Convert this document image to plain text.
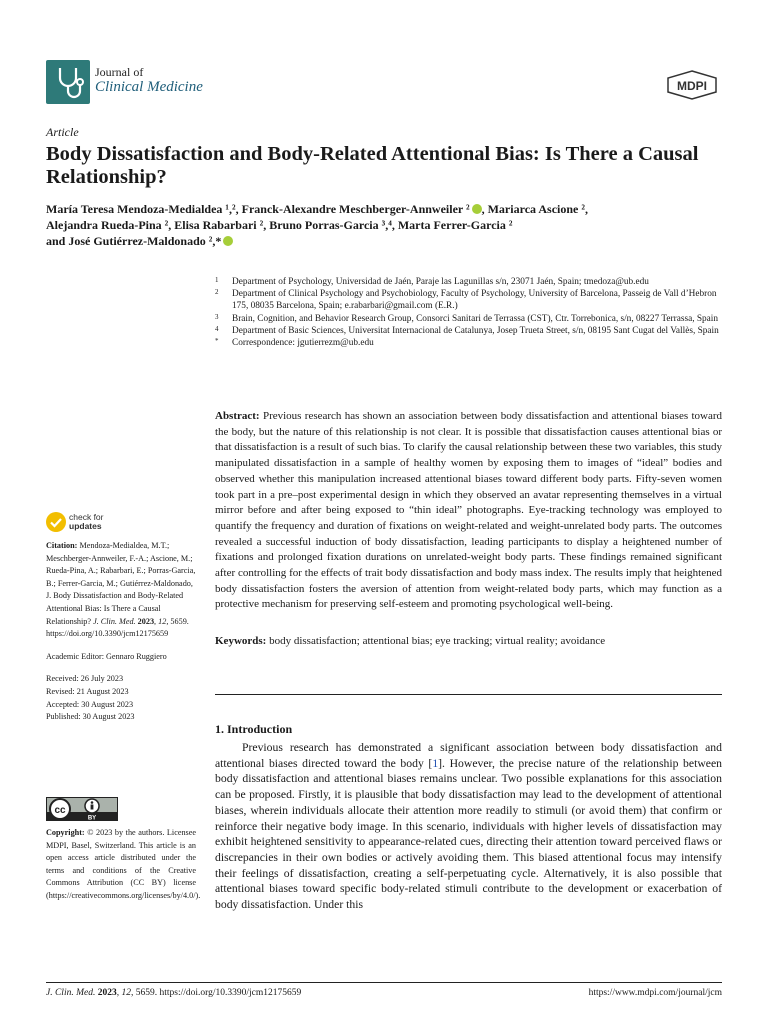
Journal of
Clinical Medicine	MDPI
Article
Body Dissatisfaction and Body-Related Attentional Bias: Is There a Causal Relationship?
María Teresa Mendoza-Medialdea ¹,², Franck-Alexandre Meschberger-Annweiler ² , Mariarca Ascione ²,
Alejandra Rueda-Pina ², Elisa Rabarbari ², Bruno Porras-Garcia ³,⁴, Marta Ferrer-Garcia ²
and José Gutiérrez-Maldonado ²,*
1 Department of Psychology, Universidad de Jaén, Paraje las Lagunillas s/n, 23071 Jaén, Spain; tmedoza@ub.edu
2 Department of Clinical Psychology and Psychobiology, Faculty of Psychology, University of Barcelona, Passeig de Vall d’Hebron 175, 08035 Barcelona, Spain; e.rabarbari@gmail.com (E.R.)
3 Brain, Cognition, and Behavior Research Group, Consorci Sanitari de Terrassa (CST), Ctr. Torrebonica, s/n, 08227 Terrassa, Spain
4 Department of Basic Sciences, Universitat Internacional de Catalunya, Josep Trueta Street, s/n, 08195 Sant Cugat del Vallès, Spain
* Correspondence: jgutierrezm@ub.edu
Abstract: Previous research has shown an association between body dissatisfaction and attentional biases toward the body, but the nature of this relationship is not clear. It is possible that dissatisfaction causes attentional bias or that dissatisfaction is a result of such bias. To clarify the causal relationship between these two variables, this study manipulated dissatisfaction in a sample of healthy women by exposing them to images of “ideal” bodies and observed whether this manipulation increased attentional biases toward different body parts. Fifty-seven women took part in a pre–post experimental design in which they observed an avatar representing themselves in a virtual mirror before and after being exposed to “thin ideal” photographs. Eye-tracking technology was employed to quantify the frequency and duration of fixations on weight-related and weight-unrelated body parts. The outcomes revealed a successful induction of body dissatisfaction, leading participants to display a heightened number of fixations and prolonged fixation durations on unrelated-weight body parts. These findings remained significant after controlling for the effects of trait body dissatisfaction and body mass index. The results imply that heightened body dissatisfaction fosters the aversion of attention from weight-related body parts, which may function as a protective mechanism for preserving self-esteem and promoting psychological well-being.
Keywords: body dissatisfaction; attentional bias; eye tracking; virtual reality; avoidance
check for
updates
Citation: Mendoza-Medialdea, M.T.; Meschberger-Annweiler, F.-A.; Ascione, M.; Rueda-Pina, A.; Rabarbari, E.; Porras-Garcia, B.; Ferrer-Garcia, M.; Gutiérrez-Maldonado, J. Body Dissatisfaction and Body-Related Attentional Bias: Is There a Causal Relationship? J. Clin. Med. 2023, 12, 5659. https://doi.org/10.3390/jcm12175659
Academic Editor: Gennaro Ruggiero
Received: 26 July 2023
Revised: 21 August 2023
Accepted: 30 August 2023
Published: 30 August 2023
cc
BY
Copyright: © 2023 by the authors. Licensee MDPI, Basel, Switzerland. This article is an open access article distributed under the terms and conditions of the Creative Commons Attribution (CC BY) license (https://creativecommons.org/licenses/by/4.0/).
1. Introduction
Previous research has demonstrated a significant association between body dissatisfaction and attentional biases directed toward the body [1]. However, the precise nature of the relationship between body dissatisfaction and attentional biases remains unclear. Two possible explanations for this association can be proposed. Firstly, it is plausible that body dissatisfaction may lead to the development of attentional biases, wherein individuals allocate their attention more readily to stimuli (or avoid them) that confirm or reinforce their negative body image. In this scenario, individuals with higher levels of dissatisfaction may exhibit heightened sensitivity to appearance-related cues, directing their attention toward perceived flaws or discrepancies in their own bodies or actively avoiding them. This biased attentional focus may intensify their feelings of dissatisfaction, creating a self-perpetuating cycle. Alternatively, it is also possible that attentional biases toward specific body-related stimuli contribute to the development or exacerbation of body dissatisfaction. Under this
J. Clin. Med. 2023, 12, 5659. https://doi.org/10.3390/jcm12175659	https://www.mdpi.com/journal/jcm
